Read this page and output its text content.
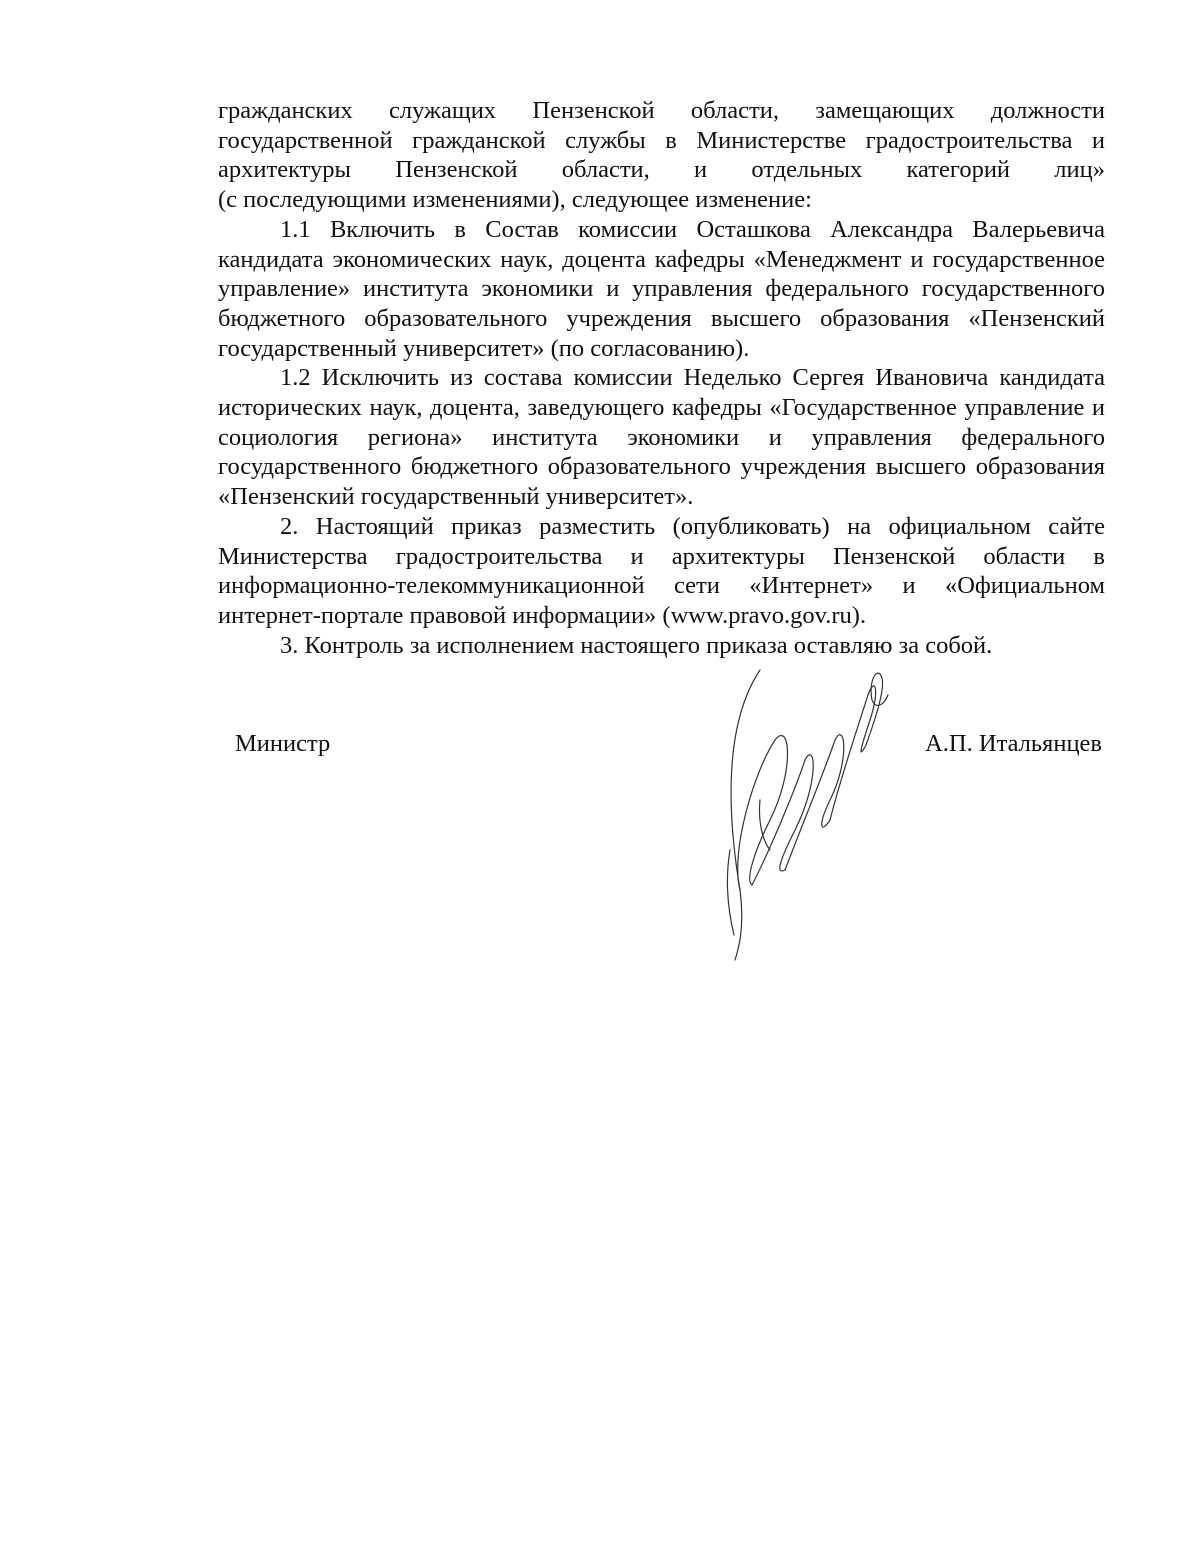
гражданских служащих Пензенской области, замещающих должности государственной гражданской службы в Министерстве градостроительства и архитектуры Пензенской области, и отдельных категорий лиц»

(с последующими изменениями), следующее изменение:

1.1 Включить в Состав комиссии Осташкова Александра Валерьевича кандидата экономических наук, доцента кафедры «Менеджмент и государственное управление» института экономики и управления федерального государственного бюджетного образовательного учреждения высшего образования «Пензенский государственный университет» (по согласованию).

1.2 Исключить из состава комиссии Неделько Сергея Ивановича кандидата исторических наук, доцента, заведующего кафедры «Государственное управление и социология региона» института экономики и управления федерального государственного бюджетного образовательного учреждения высшего образования «Пензенский государственный университет».

2. Настоящий приказ разместить (опубликовать) на официальном сайте Министерства градостроительства и архитектуры Пензенской области в информационно-телекоммуникационной сети «Интернет» и «Официальном интернет-портале правовой информации» (www.pravo.gov.ru).

3. Контроль за исполнением настоящего приказа оставляю за собой.

Министр	А.П. Итальянцев
